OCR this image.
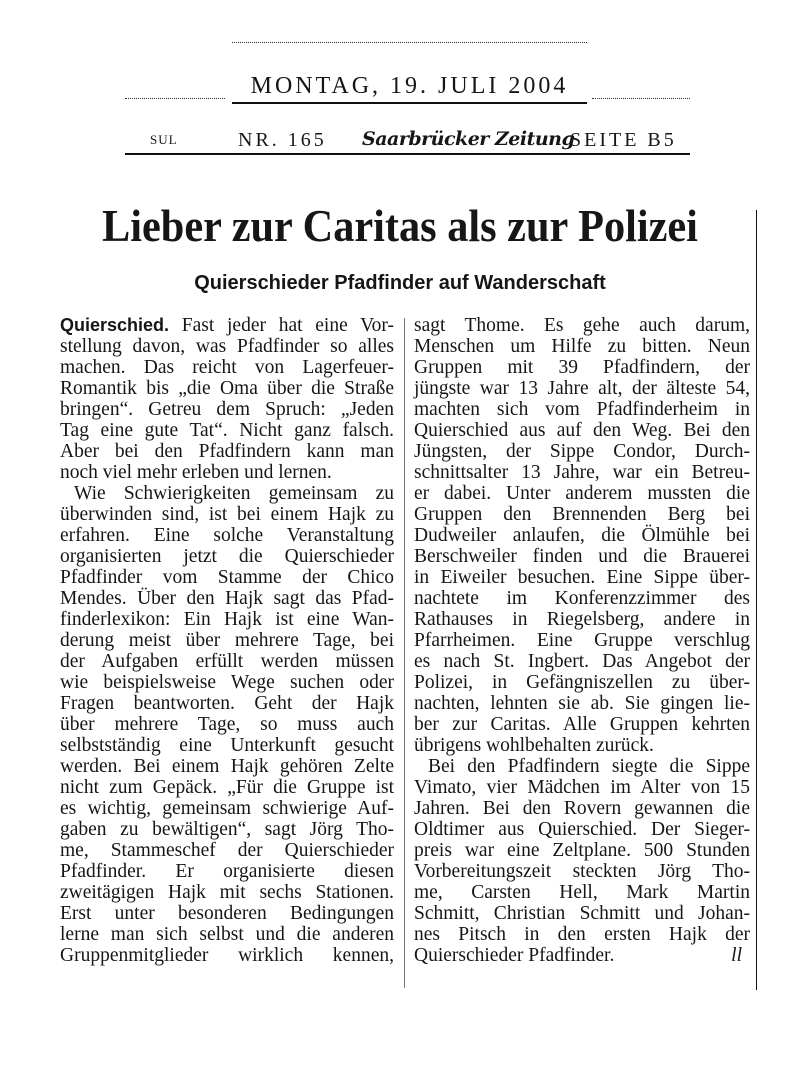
MONTAG, 19. JULI 2004
SUL	NR. 165 Saarbrücker Zeitung
SEITE B5
Lieber zur Caritas als zur Polizei
Quierschieder Pfadfinder auf Wanderschaft
Quierschied. Fast jeder hat eine Vor-
stellung davon, was Pfadfinder so alles
machen. Das reicht von Lagerfeuer-
Romantik bis „die Oma über die Straße
bringen“. Getreu dem Spruch: „Jeden
Tag eine gute Tat“. Nicht ganz falsch.
Aber bei den Pfadfindern kann man
noch viel mehr erleben und lernen.
Wie Schwierigkeiten gemeinsam zu
überwinden sind, ist bei einem Hajk zu
erfahren. Eine solche Veranstaltung
organisierten jetzt die Quierschieder
Pfadfinder vom Stamme der Chico
Mendes. Über den Hajk sagt das Pfad-
finderlexikon: Ein Hajk ist eine Wan-
derung meist über mehrere Tage, bei
der Aufgaben erfüllt werden müssen
wie beispielsweise Wege suchen oder
Fragen beantworten. Geht der Hajk
über mehrere Tage, so muss auch
selbstständig eine Unterkunft gesucht
werden. Bei einem Hajk gehören Zelte
nicht zum Gepäck. „Für die Gruppe ist
es wichtig, gemeinsam schwierige Auf-
gaben zu bewältigen“, sagt Jörg Tho-
me, Stammeschef der Quierschieder
Pfadfinder. Er organisierte diesen
zweitägigen Hajk mit sechs Stationen.
Erst unter besonderen Bedingungen
lerne man sich selbst und die anderen
Gruppenmitglieder wirklich kennen,
sagt Thome. Es gehe auch darum,
Menschen um Hilfe zu bitten. Neun
Gruppen mit 39 Pfadfindern, der
jüngste war 13 Jahre alt, der älteste 54,
machten sich vom Pfadfinderheim in
Quierschied aus auf den Weg. Bei den
Jüngsten, der Sippe Condor, Durch-
schnittsalter 13 Jahre, war ein Betreu-
er dabei. Unter anderem mussten die
Gruppen den Brennenden Berg bei
Dudweiler anlaufen, die Ölmühle bei
Berschweiler finden und die Brauerei
in Eiweiler besuchen. Eine Sippe über-
nachtete im Konferenzzimmer des
Rathauses in Riegelsberg, andere in
Pfarrheimen. Eine Gruppe verschlug
es nach St. Ingbert. Das Angebot der
Polizei, in Gefängniszellen zu über-
nachten, lehnten sie ab. Sie gingen lie-
ber zur Caritas. Alle Gruppen kehrten
übrigens wohlbehalten zurück.
Bei den Pfadfindern siegte die Sippe
Vimato, vier Mädchen im Alter von 15
Jahren. Bei den Rovern gewannen die
Oldtimer aus Quierschied. Der Sieger-
preis war eine Zeltplane. 500 Stunden
Vorbereitungszeit steckten Jörg Tho-
me, Carsten Hell, Mark Martin
Schmitt, Christian Schmitt und Johan-
nes Pitsch in den ersten Hajk der
Quierschieder Pfadfinder.	ll
